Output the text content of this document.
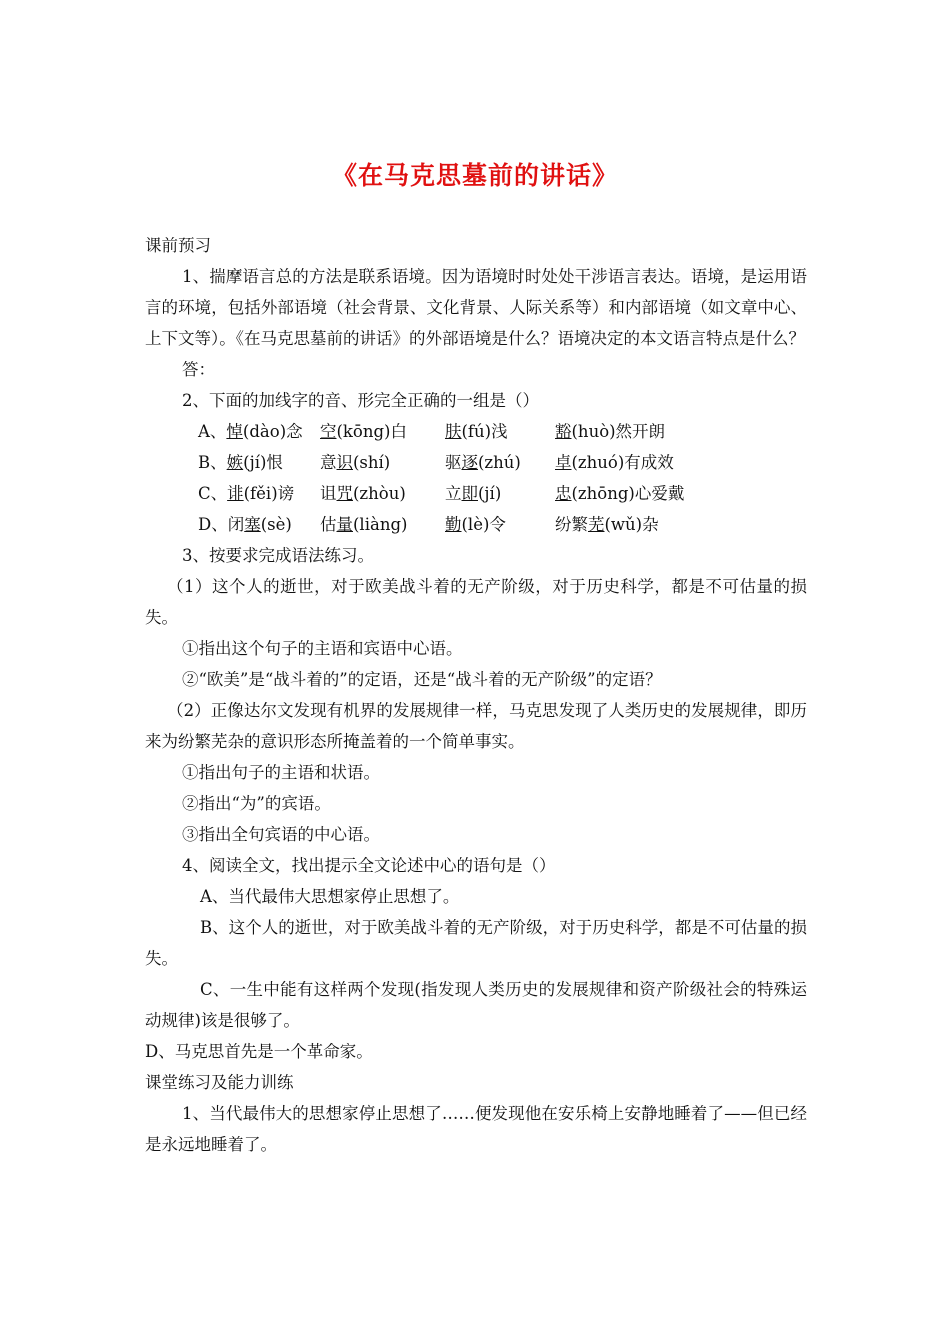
《在马克思墓前的讲话》

课前预习

1、揣摩语言总的方法是联系语境。因为语境时时处处干涉语言表达。语境，是运用语言的环境，包括外部语境（社会背景、文化背景、人际关系等）和内部语境（如文章中心、上下文等）。《在马克思墓前的讲话》的外部语境是什么？语境决定的本文语言特点是什么？

答：

2、下面的加线字的音、形完全正确的一组是（）

A、悼(dào)念	空(kōng)白	肤(fú)浅	豁(huò)然开朗
B、嫉(jí)恨	意识(shí)	驱逐(zhú)	卓(zhuó)有成效
C、诽(fěi)谤	诅咒(zhòu)	立即(jí)	忠(zhōng)心爱戴
D、闭塞(sè)	估量(liàng)	勤(lè)令	纷繁芜(wǔ)杂

3、按要求完成语法练习。

（1）这个人的逝世，对于欧美战斗着的无产阶级，对于历史科学，都是不可估量的损失。

①指出这个句子的主语和宾语中心语。

②“欧美”是“战斗着的”的定语，还是“战斗着的无产阶级”的定语？

（2）正像达尔文发现有机界的发展规律一样，马克思发现了人类历史的发展规律，即历来为纷繁芜杂的意识形态所掩盖着的一个简单事实。

①指出句子的主语和状语。

②指出“为”的宾语。

③指出全句宾语的中心语。

4、阅读全文，找出提示全文论述中心的语句是（）

A、当代最伟大思想家停止思想了。

B、这个人的逝世，对于欧美战斗着的无产阶级，对于历史科学，都是不可估量的损失。

C、一生中能有这样两个发现(指发现人类历史的发展规律和资产阶级社会的特殊运动规律)该是很够了。

D、马克思首先是一个革命家。

课堂练习及能力训练

1、当代最伟大的思想家停止思想了……便发现他在安乐椅上安静地睡着了——但已经是永远地睡着了。
